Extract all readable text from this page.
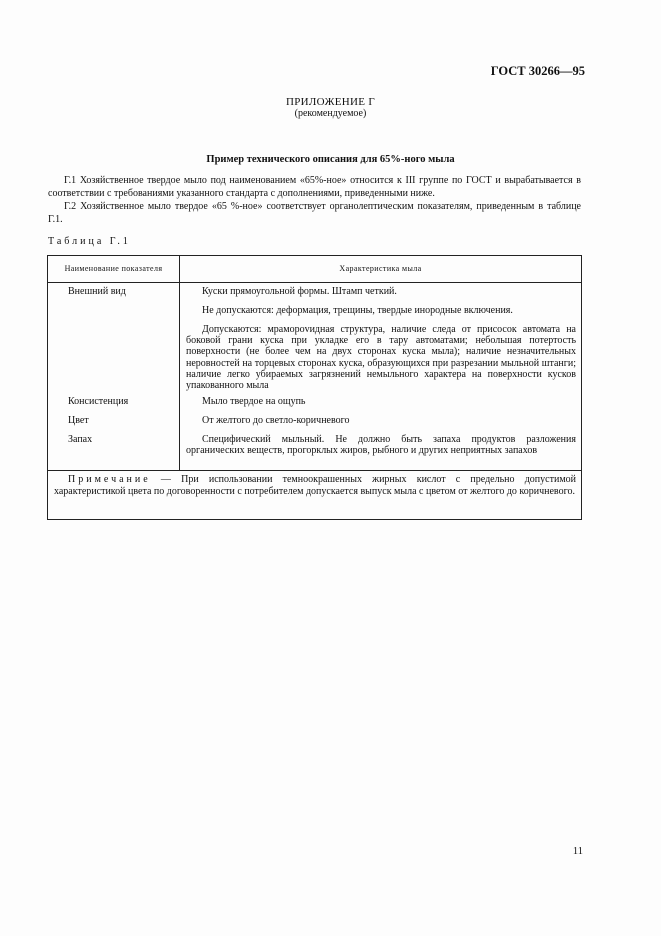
ГОСТ 30266—95
ПРИЛОЖЕНИЕ Г
(рекомендуемое)
Пример технического описания для 65%-ного мыла
Г.1 Хозяйственное твердое мыло под наименованием «65%-ное» относится к III группе по ГОСТ и вырабатывается в соответствии с требованиями указанного стандарта с дополнениями, приведенными ниже.
Г.2 Хозяйственное мыло твердое «65 %-ное» соответствует органолептическим показателям, приведенным в таблице Г.1.
Таблица Г.1
Наименование показателя	Характеристика мыла
Внешний вид	Куски прямоугольной формы. Штамп четкий.
Не допускаются: деформация, трещины, твердые инородные включения.
Допускаются: мрамороvидная структура, наличие следа от присосок автомата на боковой грани куска при укладке его в тару автоматами; небольшая потертость поверхности (не более чем на двух сторонах куска мыла); наличие незначительных неровностей на торцевых сторонах куска, образующихся при разрезании мыльной штанги; наличие легко убираемых загрязнений немыльного характера на поверхности кусков упакованного мыла
Консистенция	Мыло твердое на ощупь
Цвет	От желтого до светло-коричневого
Запах	Специфический мыльный. Не должно быть запаха продуктов разложения органических веществ, прогорклых жиров, рыбного и других неприятных запахов
Примечание — При использовании темноокрашенных жирных кислот с предельно допустимой характеристикой цвета по договоренности с потребителем допускается выпуск мыла с цветом от желтого до коричневого.
11
